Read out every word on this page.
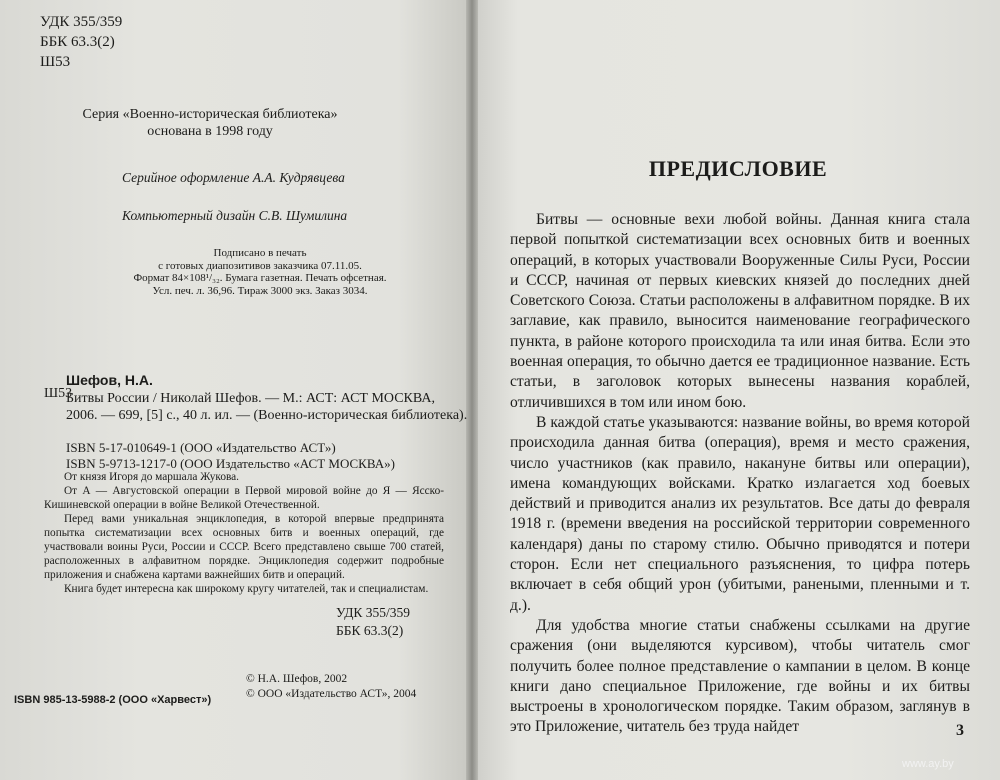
УДК 355/359
ББК 63.3(2)
Ш53
Серия «Военно-историческая библиотека»
основана в 1998 году
Серийное оформление А.А. Кудрявцева
Компьютерный дизайн С.В. Шумилина
Подписано в печать
с готовых диапозитивов заказчика 07.11.05.
Формат 84×108¹/₃₂. Бумага газетная. Печать офсетная.
Усл. печ. л. 36,96. Тираж 3000 экз. Заказ 3034.
Ш53
Шефов, Н.А.
Битвы России / Николай Шефов. — М.: АСТ: АСТ МОСКВА,
2006. — 699, [5] с., 40 л. ил. — (Военно-историческая библиотека).
ISBN 5-17-010649-1 (ООО «Издательство АСТ»)
ISBN 5-9713-1217-0 (ООО Издательство «АСТ МОСКВА»)

От князя Игоря до маршала Жукова.

От А — Августовской операции в Первой мировой войне до Я — Ясско-Кишиневской операции в войне Великой Отечественной.

Перед вами уникальная энциклопедия, в которой впервые предпринята попытка систематизации всех основных битв и военных операций, где участвовали воины Руси, России и СССР. Всего представлено свыше 700 статей, расположенных в алфавитном порядке. Энциклопедия содержит подробные приложения и снабжена картами важнейших битв и операций.

Книга будет интересна как широкому кругу читателей, так и специалистам.

УДК 355/359
ББК 63.3(2)
© Н.А. Шефов, 2002
© ООО «Издательство АСТ», 2004
ISBN 985-13-5988-2 (ООО «Харвест»)
ПРЕДИСЛОВИЕ

Битвы — основные вехи любой войны. Данная книга стала первой попыткой систематизации всех основных битв и военных операций, в которых участвовали Вооруженные Силы Руси, России и СССР, начиная от первых киевских князей до последних дней Советского Союза. Статьи расположены в алфавитном порядке. В их заглавие, как правило, выносится наименование географического пункта, в районе которого происходила та или иная битва. Если это военная операция, то обычно дается ее традиционное название. Есть статьи, в заголовок которых вынесены названия кораблей, отличившихся в том или ином бою.

В каждой статье указываются: название войны, во время которой происходила данная битва (операция), время и место сражения, число участников (как правило, накануне битвы или операции), имена командующих войсками. Кратко излагается ход боевых действий и приводится анализ их результатов. Все даты до февраля 1918 г. (времени введения на российской территории современного календаря) даны по старому стилю. Обычно приводятся и потери сторон. Если нет специального разъяснения, то цифра потерь включает в себя общий урон (убитыми, ранеными, пленными и т. д.).

Для удобства многие статьи снабжены ссылками на другие сражения (они выделяются курсивом), чтобы читатель смог получить более полное представление о кампании в целом. В конце книги дано специальное Приложение, где войны и их битвы выстроены в хронологическом порядке. Таким образом, заглянув в это Приложение, читатель без труда найдет	3
www.ay.by
